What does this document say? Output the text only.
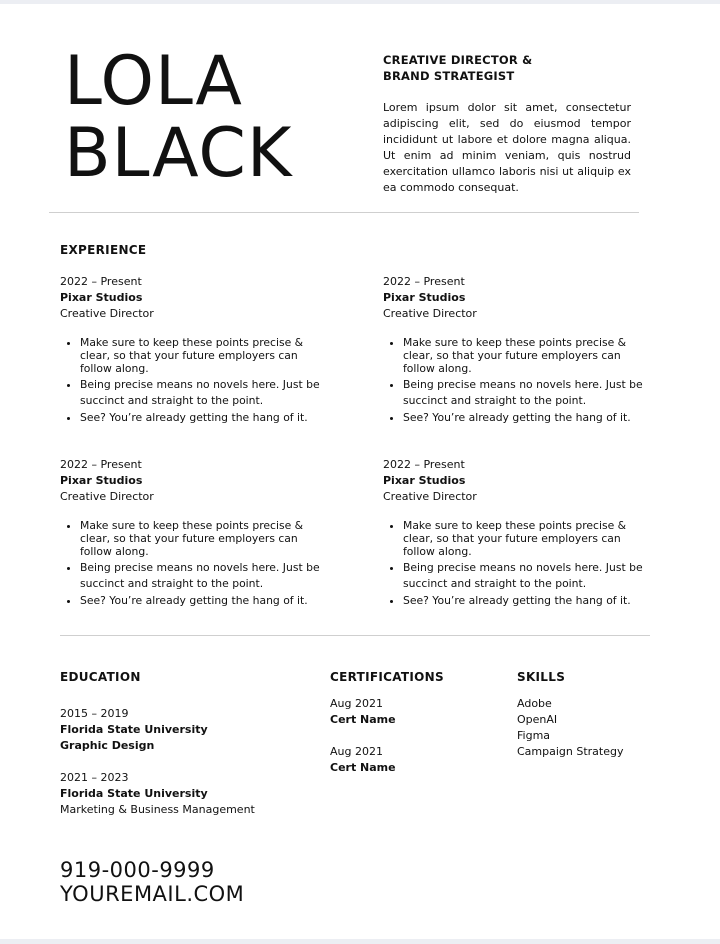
LOLA
BLACK
CREATIVE DIRECTOR &
BRAND STRATEGIST
Lorem ipsum dolor sit amet, consectetur adipiscing elit, sed do eiusmod tempor incididunt ut labore et dolore magna aliqua. Ut enim ad minim veniam, quis nostrud exercitation ullamco laboris nisi ut aliquip ex ea commodo consequat.
EXPERIENCE
2022 – Present
Pixar Studios
Creative Director
• Make sure to keep these points precise & clear, so that your future employers can follow along.
• Being precise means no novels here. Just be succinct and straight to the point.
• See? You’re already getting the hang of it.
2022 – Present
Pixar Studios
Creative Director
• Make sure to keep these points precise & clear, so that your future employers can follow along.
• Being precise means no novels here. Just be succinct and straight to the point.
• See? You’re already getting the hang of it.
2022 – Present
Pixar Studios
Creative Director
• Make sure to keep these points precise & clear, so that your future employers can follow along.
• Being precise means no novels here. Just be succinct and straight to the point.
• See? You’re already getting the hang of it.
2022 – Present
Pixar Studios
Creative Director
• Make sure to keep these points precise & clear, so that your future employers can follow along.
• Being precise means no novels here. Just be succinct and straight to the point.
• See? You’re already getting the hang of it.
EDUCATION
2015 – 2019
Florida State University
Graphic Design
2021 – 2023
Florida State University
Marketing & Business Management
CERTIFICATIONS
Aug 2021
Cert Name
Aug 2021
Cert Name
SKILLS
Adobe
OpenAI
Figma
Campaign Strategy
919-000-9999
YOUREMAIL.COM
